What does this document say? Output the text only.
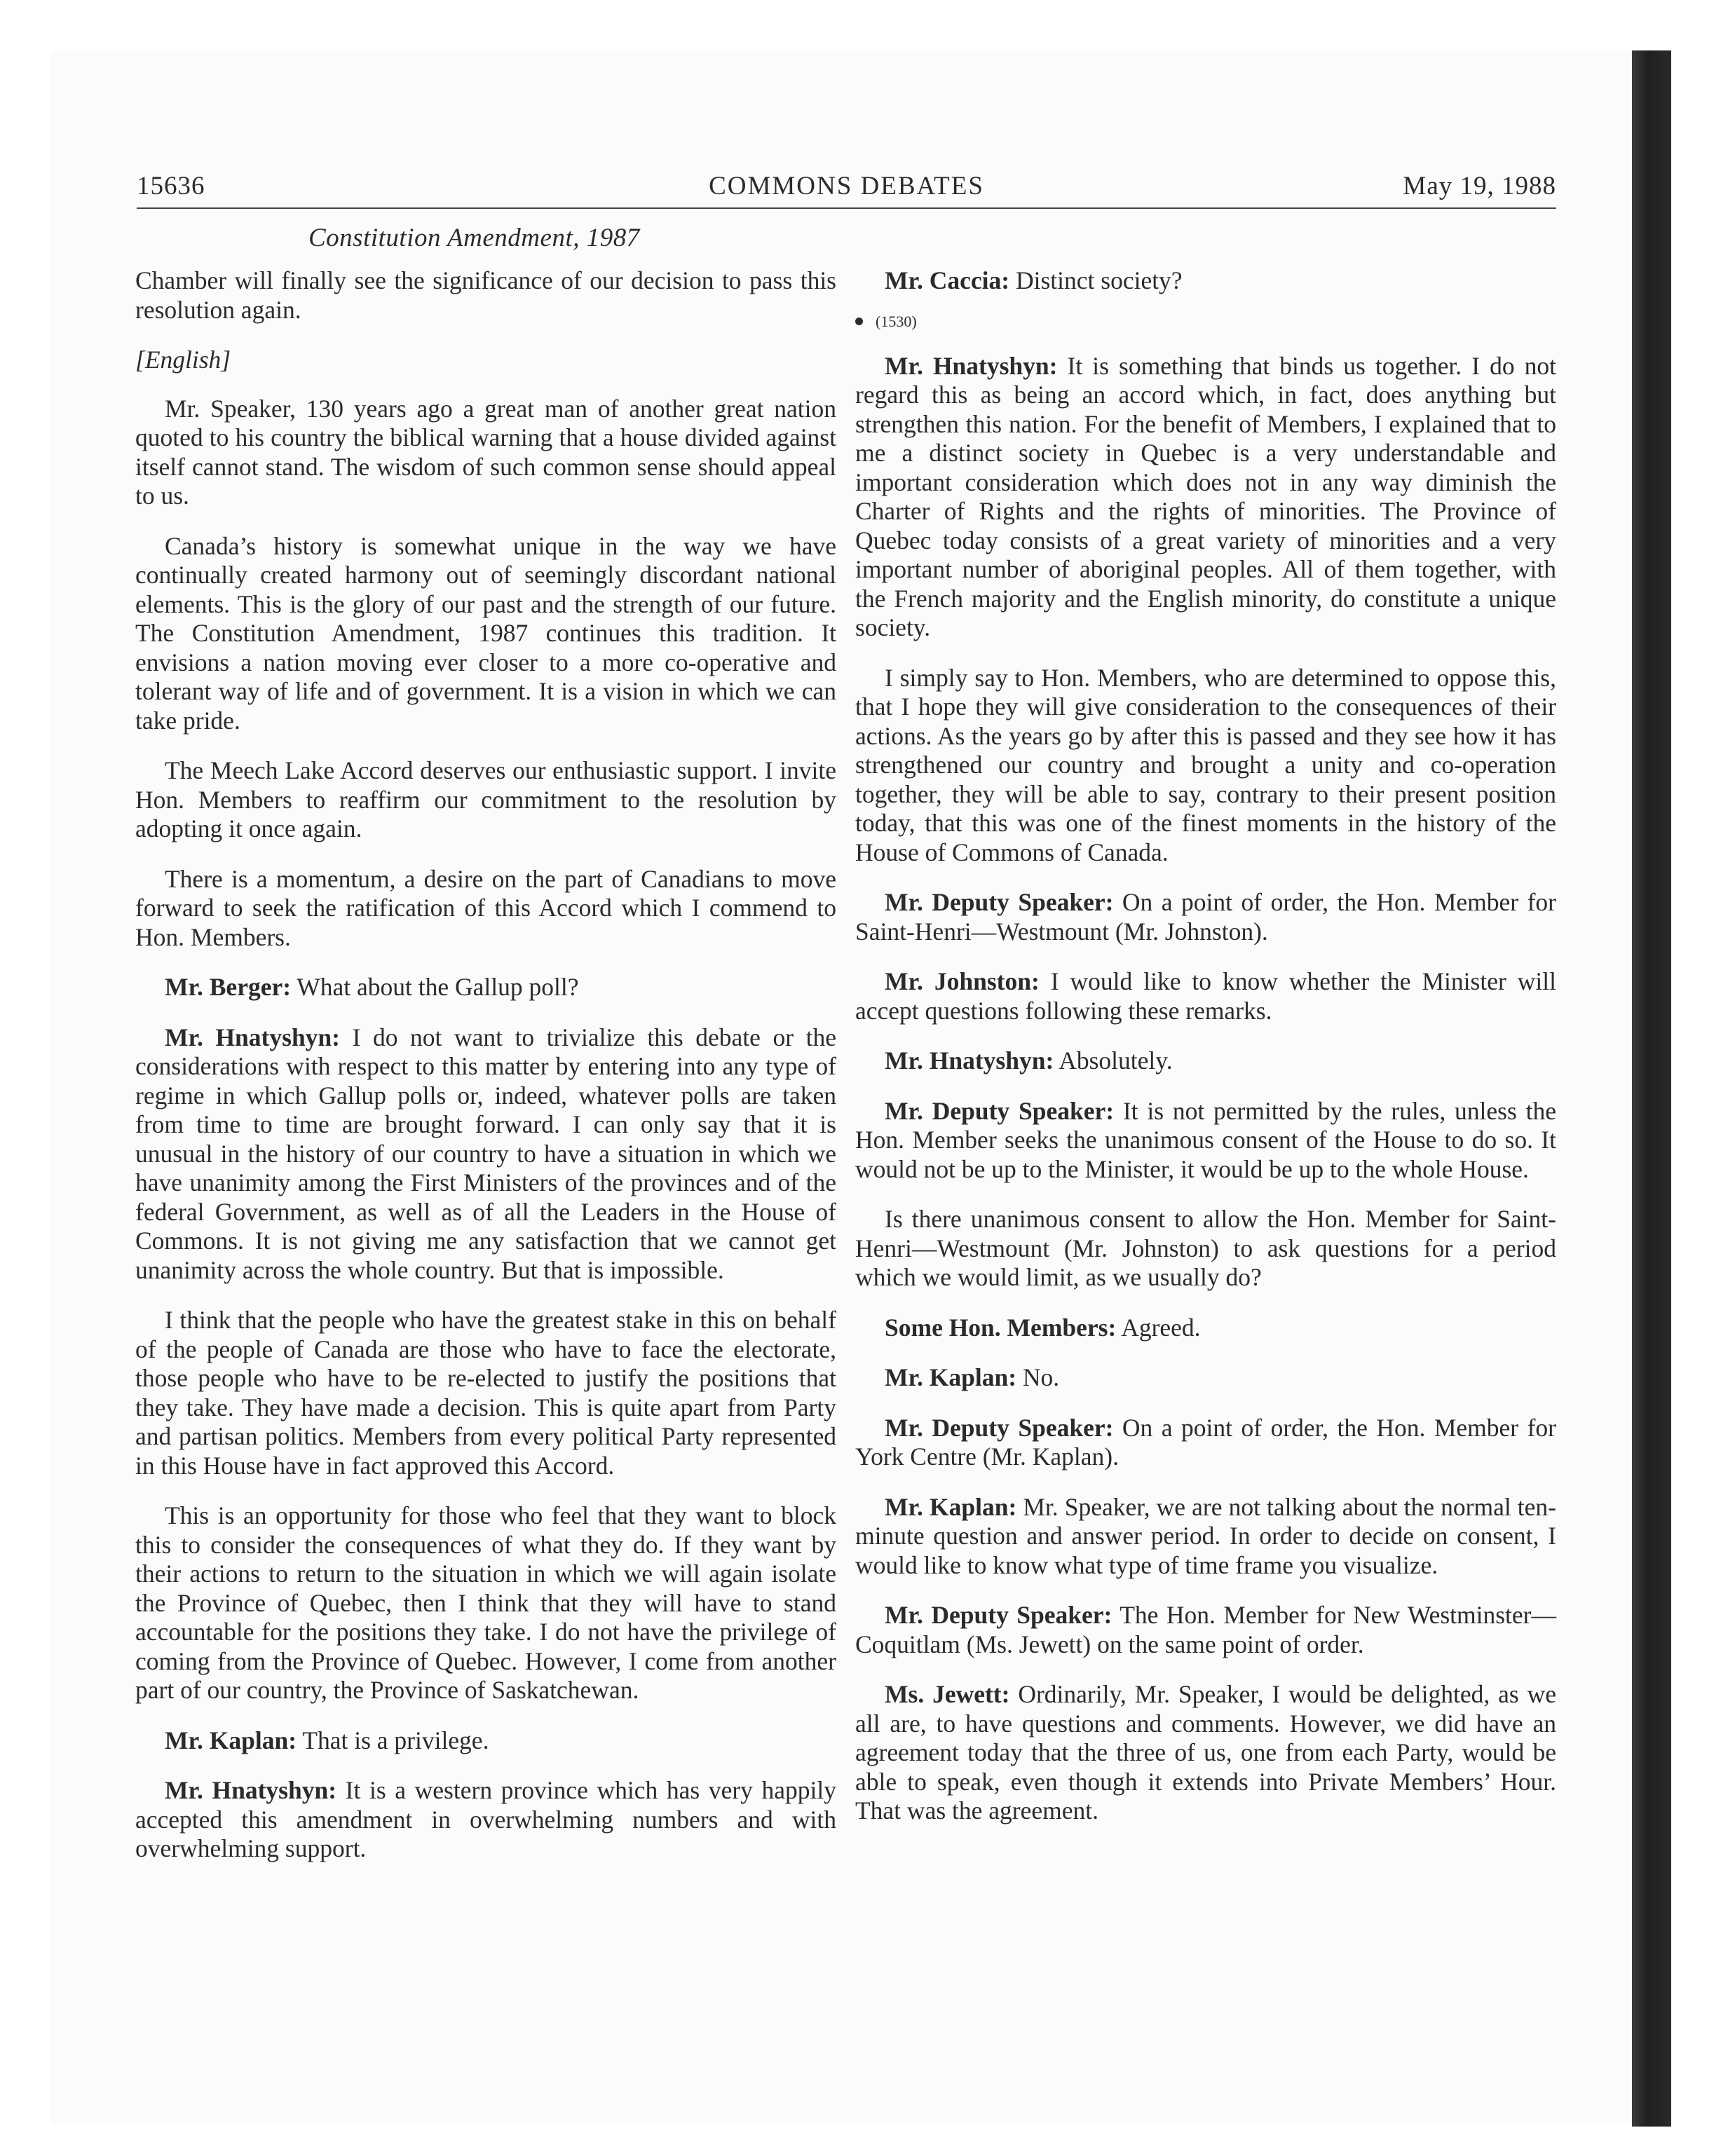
15636	COMMONS DEBATES	May 19, 1988
Constitution Amendment, 1987

Chamber will finally see the significance of our decision to pass this resolution again.

[English]

Mr. Speaker, 130 years ago a great man of another great nation quoted to his country the biblical warning that a house divided against itself cannot stand. The wisdom of such common sense should appeal to us.

Canada’s history is somewhat unique in the way we have continually created harmony out of seemingly discordant national elements. This is the glory of our past and the strength of our future. The Constitution Amendment, 1987 continues this tradition. It envisions a nation moving ever closer to a more co-operative and tolerant way of life and of government. It is a vision in which we can take pride.

The Meech Lake Accord deserves our enthusiastic support. I invite Hon. Members to reaffirm our commitment to the resolution by adopting it once again.

There is a momentum, a desire on the part of Canadians to move forward to seek the ratification of this Accord which I commend to Hon. Members.

Mr. Berger: What about the Gallup poll?

Mr. Hnatyshyn: I do not want to trivialize this debate or the considerations with respect to this matter by entering into any type of regime in which Gallup polls or, indeed, whatever polls are taken from time to time are brought forward. I can only say that it is unusual in the history of our country to have a situation in which we have unanimity among the First Ministers of the provinces and of the federal Government, as well as of all the Leaders in the House of Commons. It is not giving me any satisfaction that we cannot get unanimity across the whole country. But that is impossible.

I think that the people who have the greatest stake in this on behalf of the people of Canada are those who have to face the electorate, those people who have to be re-elected to justify the positions that they take. They have made a decision. This is quite apart from Party and partisan politics. Members from every political Party represented in this House have in fact approved this Accord.

This is an opportunity for those who feel that they want to block this to consider the consequences of what they do. If they want by their actions to return to the situation in which we will again isolate the Province of Quebec, then I think that they will have to stand accountable for the positions they take. I do not have the privilege of coming from the Province of Quebec. However, I come from another part of our country, the Province of Saskatchewan.

Mr. Kaplan: That is a privilege.

Mr. Hnatyshyn: It is a western province which has very happily accepted this amendment in overwhelming numbers and with overwhelming support.

Mr. Caccia: Distinct society?

(1530)

Mr. Hnatyshyn: It is something that binds us together. I do not regard this as being an accord which, in fact, does anything but strengthen this nation. For the benefit of Members, I explained that to me a distinct society in Quebec is a very understandable and important consideration which does not in any way diminish the Charter of Rights and the rights of minorities. The Province of Quebec today consists of a great variety of minorities and a very important number of aboriginal peoples. All of them together, with the French majority and the English minority, do constitute a unique society.

I simply say to Hon. Members, who are determined to oppose this, that I hope they will give consideration to the consequences of their actions. As the years go by after this is passed and they see how it has strengthened our country and brought a unity and co-operation together, they will be able to say, contrary to their present position today, that this was one of the finest moments in the history of the House of Commons of Canada.

Mr. Deputy Speaker: On a point of order, the Hon. Member for Saint-Henri—Westmount (Mr. Johnston).

Mr. Johnston: I would like to know whether the Minister will accept questions following these remarks.

Mr. Hnatyshyn: Absolutely.

Mr. Deputy Speaker: It is not permitted by the rules, unless the Hon. Member seeks the unanimous consent of the House to do so. It would not be up to the Minister, it would be up to the whole House.

Is there unanimous consent to allow the Hon. Member for Saint-Henri—Westmount (Mr. Johnston) to ask questions for a period which we would limit, as we usually do?

Some Hon. Members: Agreed.

Mr. Kaplan: No.

Mr. Deputy Speaker: On a point of order, the Hon. Member for York Centre (Mr. Kaplan).

Mr. Kaplan: Mr. Speaker, we are not talking about the normal ten-minute question and answer period. In order to decide on consent, I would like to know what type of time frame you visualize.

Mr. Deputy Speaker: The Hon. Member for New Westminster—Coquitlam (Ms. Jewett) on the same point of order.

Ms. Jewett: Ordinarily, Mr. Speaker, I would be delighted, as we all are, to have questions and comments. However, we did have an agreement today that the three of us, one from each Party, would be able to speak, even though it extends into Private Members’ Hour. That was the agreement.
